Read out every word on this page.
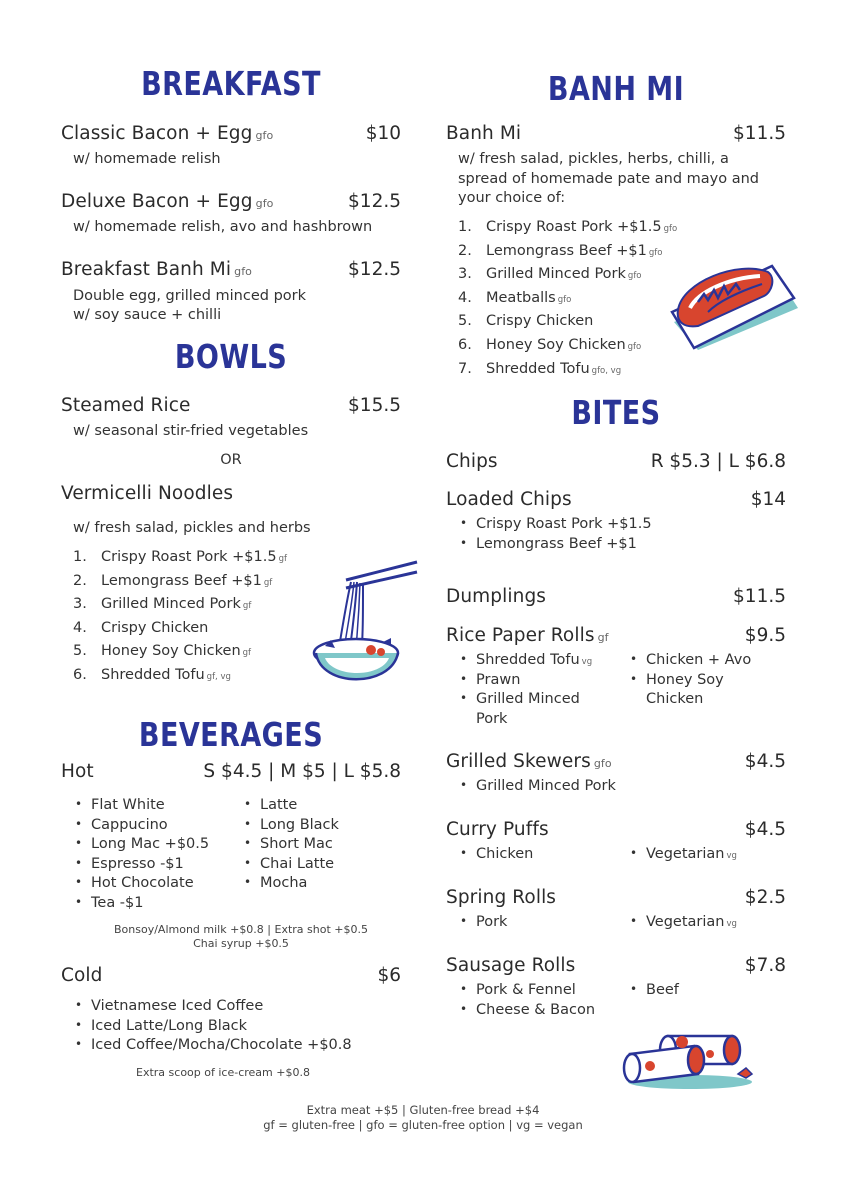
BREAKFAST
Classic Bacon + Egg gfo	$10
w/ homemade relish
Deluxe Bacon + Egg gfo	$12.5
w/ homemade relish, avo and hashbrown
Breakfast Banh Mi gfo	$12.5
Double egg, grilled minced pork
w/ soy sauce + chilli
BOWLS
Steamed Rice	$15.5
w/ seasonal stir-fried vegetables
OR
Vermicelli Noodles
w/ fresh salad, pickles and herbs
1. Crispy Roast Pork +$1.5 gf
2. Lemongrass Beef +$1 gf
3. Grilled Minced Pork gf
4. Crispy Chicken
5. Honey Soy Chicken gf
6. Shredded Tofu gf, vg
BEVERAGES
Hot	S $4.5 | M $5 | L $5.8
• Flat White
• Cappucino
• Long Mac +$0.5
• Espresso -$1
• Hot Chocolate
• Tea -$1
• Latte
• Long Black
• Short Mac
• Chai Latte
• Mocha
Bonsoy/Almond milk +$0.8 | Extra shot +$0.5
Chai syrup +$0.5
Cold	$6
• Vietnamese Iced Coffee
• Iced Latte/Long Black
• Iced Coffee/Mocha/Chocolate +$0.8
Extra scoop of ice-cream +$0.8
BANH MI
Banh Mi	$11.5
w/ fresh salad, pickles, herbs, chilli, a
spread of homemade pate and mayo and
your choice of:
1. Crispy Roast Pork +$1.5 gfo
2. Lemongrass Beef +$1 gfo
3. Grilled Minced Pork gfo
4. Meatballs gfo
5. Crispy Chicken
6. Honey Soy Chicken gfo
7. Shredded Tofu gfo, vg
BITES
Chips	R $5.3 | L $6.8
Loaded Chips	$14
• Crispy Roast Pork +$1.5
• Lemongrass Beef +$1
Dumplings	$11.5
Rice Paper Rolls gf	$9.5
• Shredded Tofu vg
• Prawn
• Grilled Minced
Pork
• Chicken + Avo
• Honey Soy
Chicken
Grilled Skewers gfo	$4.5
• Grilled Minced Pork
Curry Puffs	$4.5
• Chicken	• Vegetarian vg
Spring Rolls	$2.5
• Pork	• Vegetarian vg
Sausage Rolls	$7.8
• Pork & Fennel
• Cheese & Bacon
• Beef
Extra meat +$5 | Gluten-free bread +$4
gf = gluten-free | gfo = gluten-free option | vg = vegan
